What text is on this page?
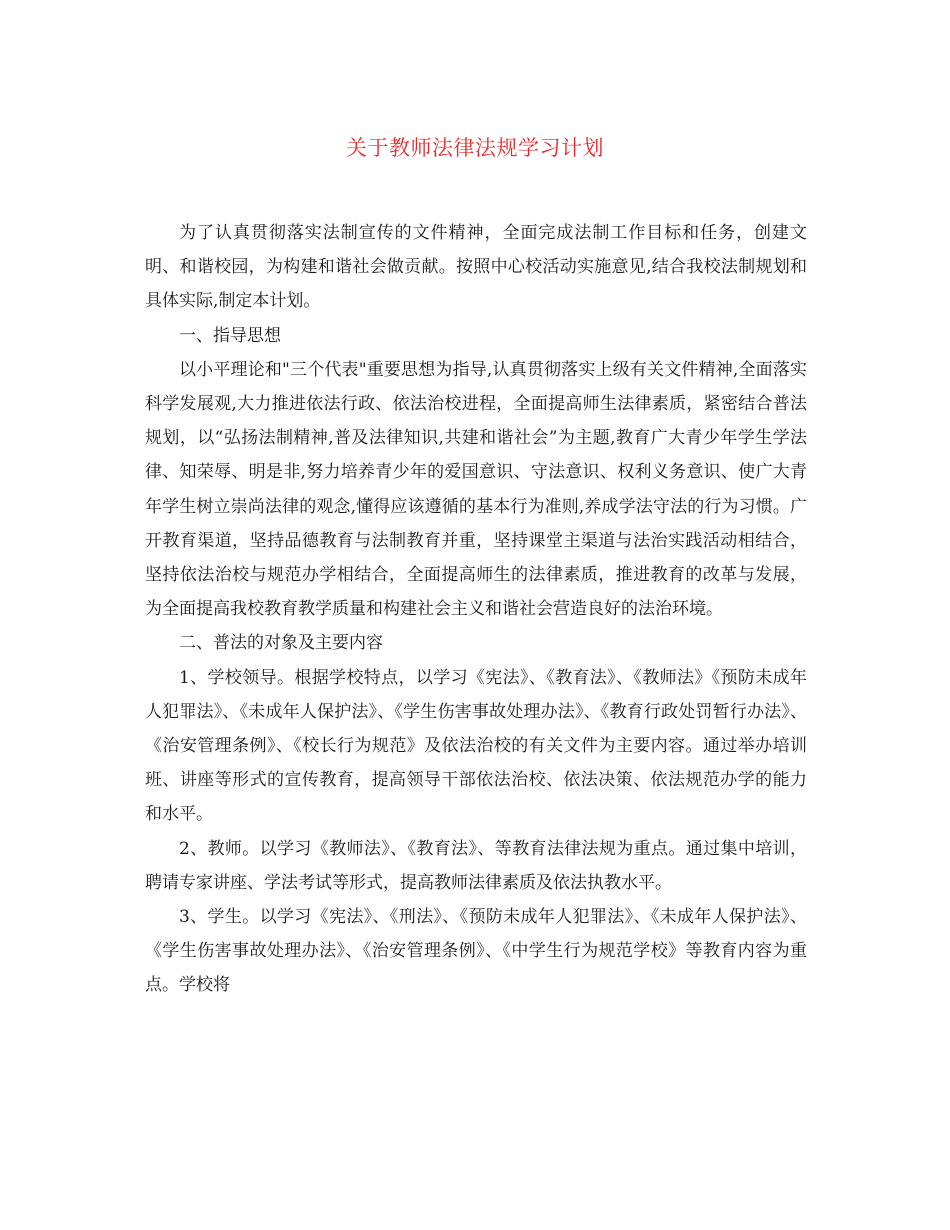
关于教师法律法规学习计划

为了认真贯彻落实法制宣传的文件精神，全面完成法制工作目标和任务，创建文明、和谐校园，为构建和谐社会做贡献。按照中心校活动实施意见,结合我校法制规划和具体实际,制定本计划。

一、指导思想

以小平理论和"三个代表"重要思想为指导,认真贯彻落实上级有关文件精神,全面落实科学发展观,大力推进依法行政、依法治校进程，全面提高师生法律素质，紧密结合普法规划，以“弘扬法制精神,普及法律知识,共建和谐社会”为主题,教育广大青少年学生学法律、知荣辱、明是非,努力培养青少年的爱国意识、守法意识、权利义务意识、使广大青年学生树立崇尚法律的观念,懂得应该遵循的基本行为准则,养成学法守法的行为习惯。广开教育渠道，坚持品德教育与法制教育并重，坚持课堂主渠道与法治实践活动相结合，坚持依法治校与规范办学相结合，全面提高师生的法律素质，推进教育的改革与发展，为全面提高我校教育教学质量和构建社会主义和谐社会营造良好的法治环境。

二、普法的对象及主要内容

1、学校领导。根据学校特点，以学习《宪法》、《教育法》、《教师法》《预防未成年人犯罪法》、《未成年人保护法》、《学生伤害事故处理办法》、《教育行政处罚暂行办法》、《治安管理条例》、《校长行为规范》及依法治校的有关文件为主要内容。通过举办培训班、讲座等形式的宣传教育，提高领导干部依法治校、依法决策、依法规范办学的能力和水平。

2、教师。以学习《教师法》、《教育法》、等教育法律法规为重点。通过集中培训，聘请专家讲座、学法考试等形式，提高教师法律素质及依法执教水平。

3、学生。以学习《宪法》、《刑法》、《预防未成年人犯罪法》、《未成年人保护法》、《学生伤害事故处理办法》、《治安管理条例》、《中学生行为规范学校》等教育内容为重点。学校将
